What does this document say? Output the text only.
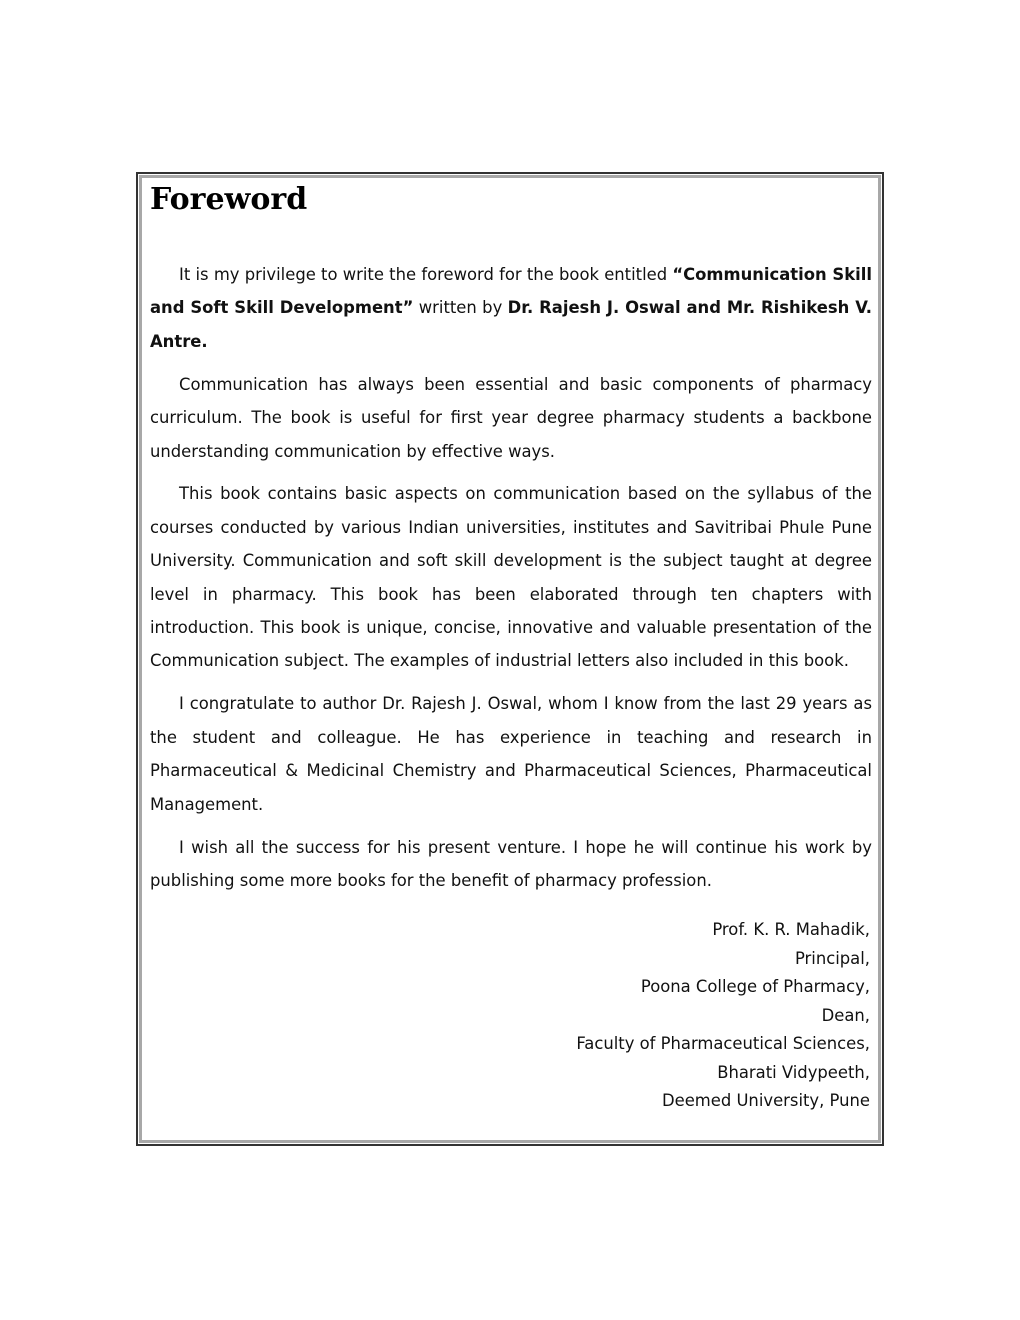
Foreword

It is my privilege to write the foreword for the book entitled “Communication Skill and Soft Skill Development” written by Dr. Rajesh J. Oswal and Mr. Rishikesh V. Antre.

Communication has always been essential and basic components of pharmacy curriculum. The book is useful for first year degree pharmacy students a backbone understanding communication by effective ways.

This book contains basic aspects on communication based on the syllabus of the courses conducted by various Indian universities, institutes and Savitribai Phule Pune University. Communication and soft skill development is the subject taught at degree level in pharmacy. This book has been elaborated through ten chapters with introduction. This book is unique, concise, innovative and valuable presentation of the Communication subject. The examples of industrial letters also included in this book.

I congratulate to author Dr. Rajesh J. Oswal, whom I know from the last 29 years as the student and colleague. He has experience in teaching and research in Pharmaceutical & Medicinal Chemistry and Pharmaceutical Sciences, Pharmaceutical Management.

I wish all the success for his present venture. I hope he will continue his work by publishing some more books for the benefit of pharmacy profession.

Prof. K. R. Mahadik,
Principal,
Poona College of Pharmacy,
Dean,
Faculty of Pharmaceutical Sciences,
Bharati Vidypeeth,
Deemed University, Pune
